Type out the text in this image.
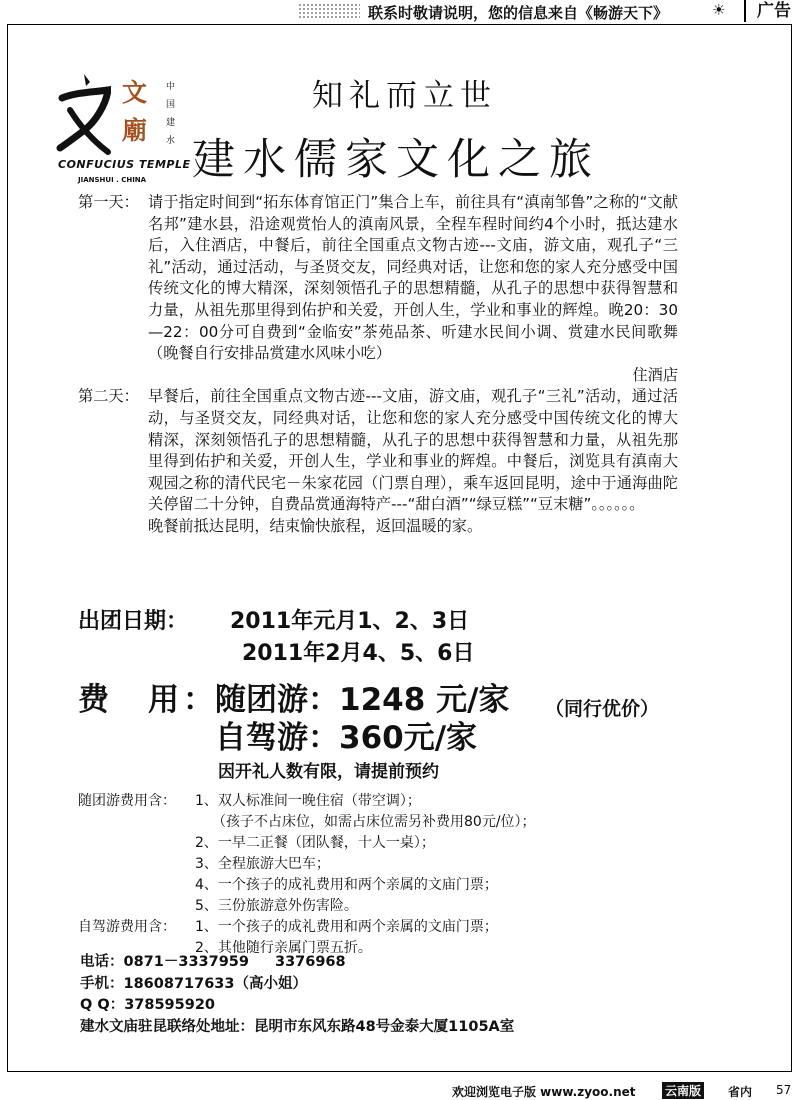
联系时敬请说明，您的信息来自《畅游天下》	☀	广告
文廟
中国建水
CONFUCIUS TEMPLE
JIANSHUI . CHINA
知礼而立世
建水儒家文化之旅
第一天： 请于指定时间到“拓东体育馆正门”集合上车，前往具有“滇南邹鲁”之称的“文献名邦”建水县，沿途观赏怡人的滇南风景，全程车程时间约4个小时，抵达建水后，入住酒店，中餐后，前往全国重点文物古迹---文庙，游文庙，观孔子“三礼”活动，通过活动，与圣贤交友，同经典对话，让您和您的家人充分感受中国传统文化的博大精深，深刻领悟孔子的思想精髓，从孔子的思想中获得智慧和力量，从祖先那里得到佑护和关爱，开创人生，学业和事业的辉煌。晚20：30—22：00分可自费到“金临安”茶苑品茶、听建水民间小调、赏建水民间歌舞（晚餐自行安排品赏建水风味小吃）
住酒店
第二天： 早餐后，前往全国重点文物古迹---文庙，游文庙，观孔子“三礼”活动，通过活动，与圣贤交友，同经典对话，让您和您的家人充分感受中国传统文化的博大精深，深刻领悟孔子的思想精髓，从孔子的思想中获得智慧和力量，从祖先那里得到佑护和关爱，开创人生，学业和事业的辉煌。中餐后，浏览具有滇南大观园之称的清代民宅－朱家花园（门票自理），乘车返回昆明，途中于通海曲陀关停留二十分钟，自费品赏通海特产---“甜白酒”“绿豆糕”“豆末糖”。。。。。。
晚餐前抵达昆明，结束愉快旅程，返回温暖的家。
出团日期： 2011年元月1、2、3日
2011年2月4、5、6日
费　用：
随团游：1248 元/家
自驾游：360元/家
（同行优价）
因开礼人数有限，请提前预约
随团游费用含： 1、双人标准间一晚住宿（带空调）；
（孩子不占床位，如需占床位需另补费用80元/位）；
2、一早二正餐（团队餐，十人一桌）；
3、全程旅游大巴车；
4、一个孩子的成礼费用和两个亲属的文庙门票；
5、三份旅游意外伤害险。
自驾游费用含： 1、一个孩子的成礼费用和两个亲属的文庙门票；
2、其他随行亲属门票五折。
电话：0871－3337959 3376968
手机：18608717633（高小姐）
Q Q：378595920
建水文庙驻昆联络处地址：昆明市东风东路48号金泰大厦1105A室
欢迎浏览电子版 www.zyoo.net 云南版 省内 57
